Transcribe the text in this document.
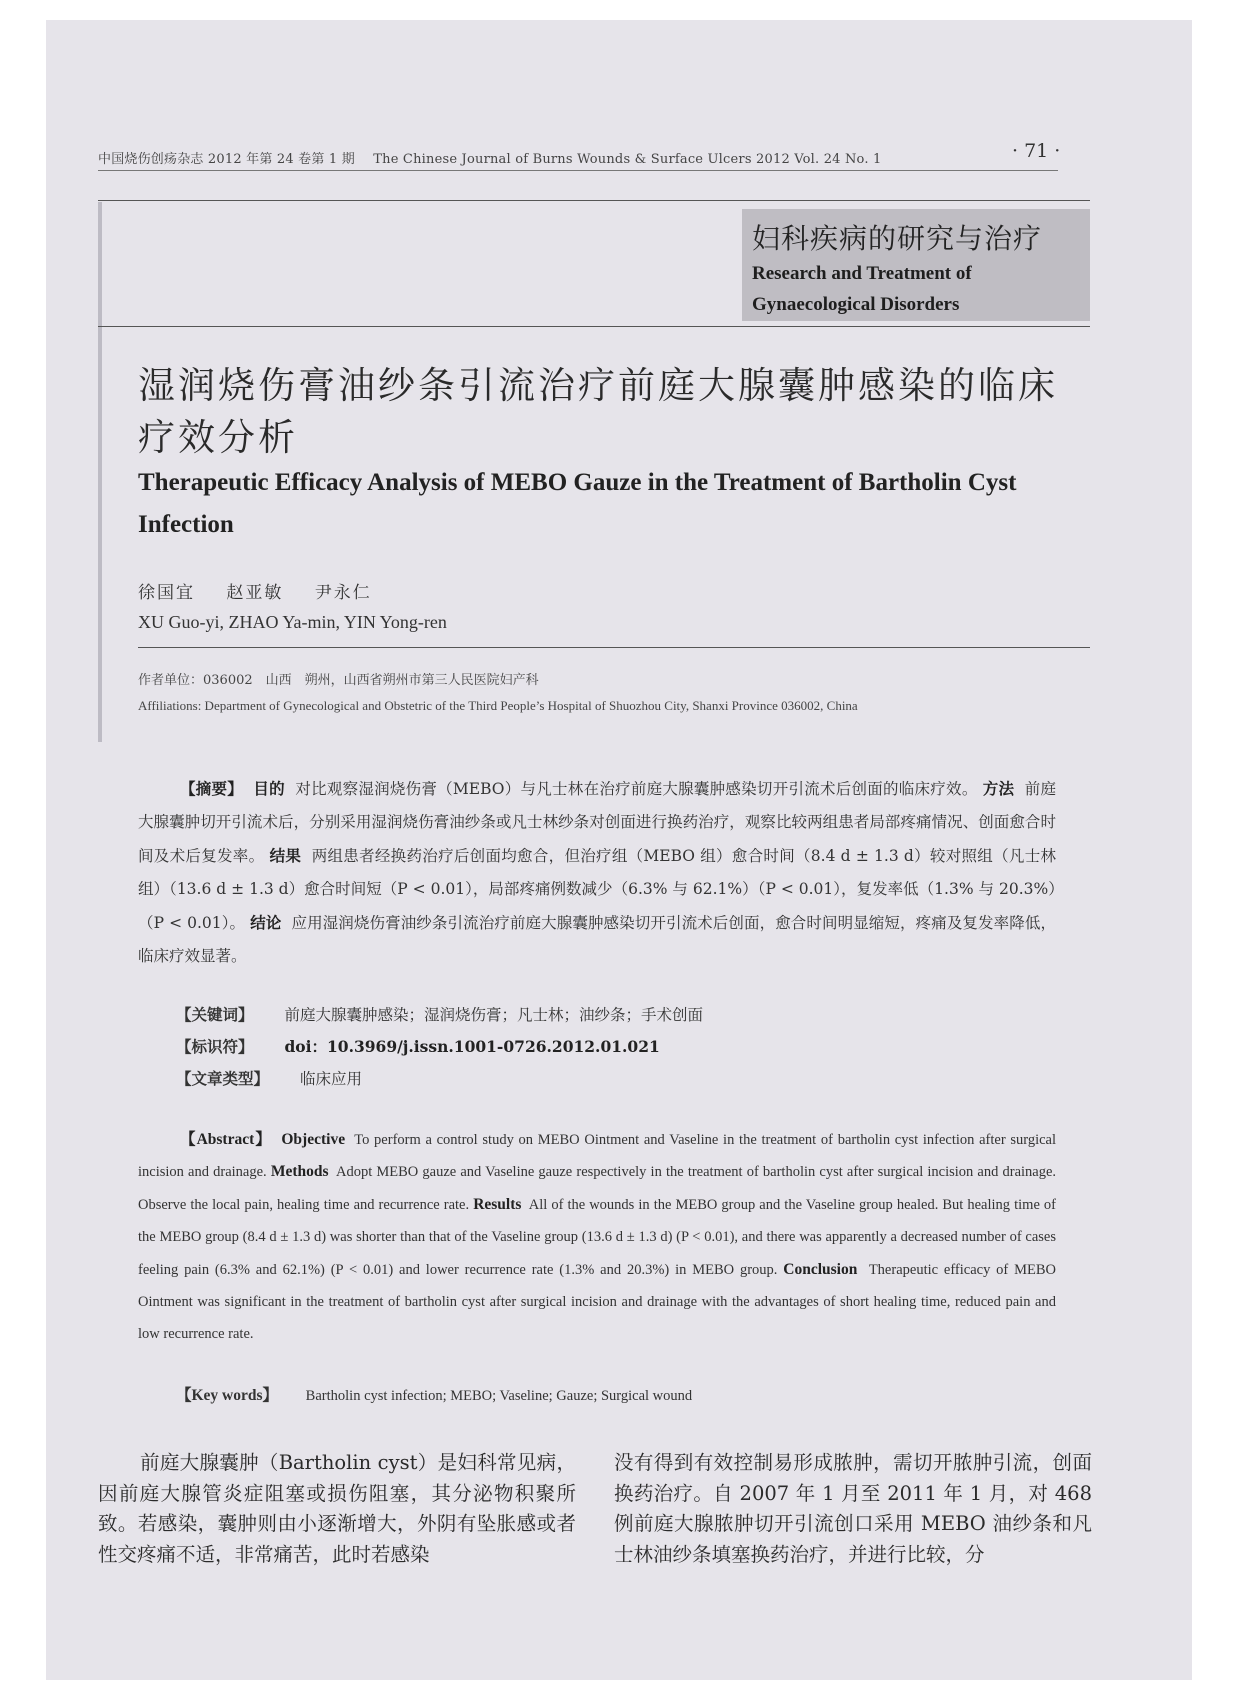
中国烧伤创疡杂志 2012 年第 24 卷第 1 期 The Chinese Journal of Burns Wounds & Surface Ulcers 2012 Vol. 24 No. 1	· 71 ·
妇科疾病的研究与治疗
Research and Treatment of Gynaecological Disorders
湿润烧伤膏油纱条引流治疗前庭大腺囊肿感染的临床疗效分析
Therapeutic Efficacy Analysis of MEBO Gauze in the Treatment of Bartholin Cyst Infection
徐国宜 赵亚敏 尹永仁
XU Guo-yi, ZHAO Ya-min, YIN Yong-ren
作者单位：036002　山西　朔州，山西省朔州市第三人民医院妇产科
Affiliations: Department of Gynecological and Obstetric of the Third People’s Hospital of Shuozhou City, Shanxi Province 036002, China
【摘要】 目的 对比观察湿润烧伤膏（MEBO）与凡士林在治疗前庭大腺囊肿感染切开引流术后创面的临床疗效。 方法 前庭大腺囊肿切开引流术后，分别采用湿润烧伤膏油纱条或凡士林纱条对创面进行换药治疗，观察比较两组患者局部疼痛情况、创面愈合时间及术后复发率。 结果 两组患者经换药治疗后创面均愈合，但治疗组（MEBO 组）愈合时间（8.4 d ± 1.3 d）较对照组（凡士林组）（13.6 d ± 1.3 d）愈合时间短（P < 0.01），局部疼痛例数减少（6.3% 与 62.1%）（P < 0.01），复发率低（1.3% 与 20.3%）（P < 0.01）。 结论 应用湿润烧伤膏油纱条引流治疗前庭大腺囊肿感染切开引流术后创面，愈合时间明显缩短，疼痛及复发率降低，临床疗效显著。
【关键词】 前庭大腺囊肿感染；湿润烧伤膏；凡士林；油纱条；手术创面
【标识符】 doi：10.3969/j.issn.1001-0726.2012.01.021
【文章类型】 临床应用
【Abstract】 Objective To perform a control study on MEBO Ointment and Vaseline in the treatment of bartholin cyst infection after surgical incision and drainage. Methods Adopt MEBO gauze and Vaseline gauze respectively in the treatment of bartholin cyst after surgical incision and drainage. Observe the local pain, healing time and recurrence rate. Results All of the wounds in the MEBO group and the Vaseline group healed. But healing time of the MEBO group (8.4 d ± 1.3 d) was shorter than that of the Vaseline group (13.6 d ± 1.3 d) (P < 0.01), and there was apparently a decreased number of cases feeling pain (6.3% and 62.1%) (P < 0.01) and lower recurrence rate (1.3% and 20.3%) in MEBO group. Conclusion Therapeutic efficacy of MEBO Ointment was significant in the treatment of bartholin cyst after surgical incision and drainage with the advantages of short healing time, reduced pain and low recurrence rate.
【Key words】 Bartholin cyst infection; MEBO; Vaseline; Gauze; Surgical wound
前庭大腺囊肿（Bartholin cyst）是妇科常见病，因前庭大腺管炎症阻塞或损伤阻塞，其分泌物积聚所致。若感染，囊肿则由小逐渐增大，外阴有坠胀感或者性交疼痛不适，非常痛苦，此时若感染
没有得到有效控制易形成脓肿，需切开脓肿引流，创面换药治疗。自 2007 年 1 月至 2011 年 1 月，对 468 例前庭大腺脓肿切开引流创口采用 MEBO 油纱条和凡士林油纱条填塞换药治疗，并进行比较，分
